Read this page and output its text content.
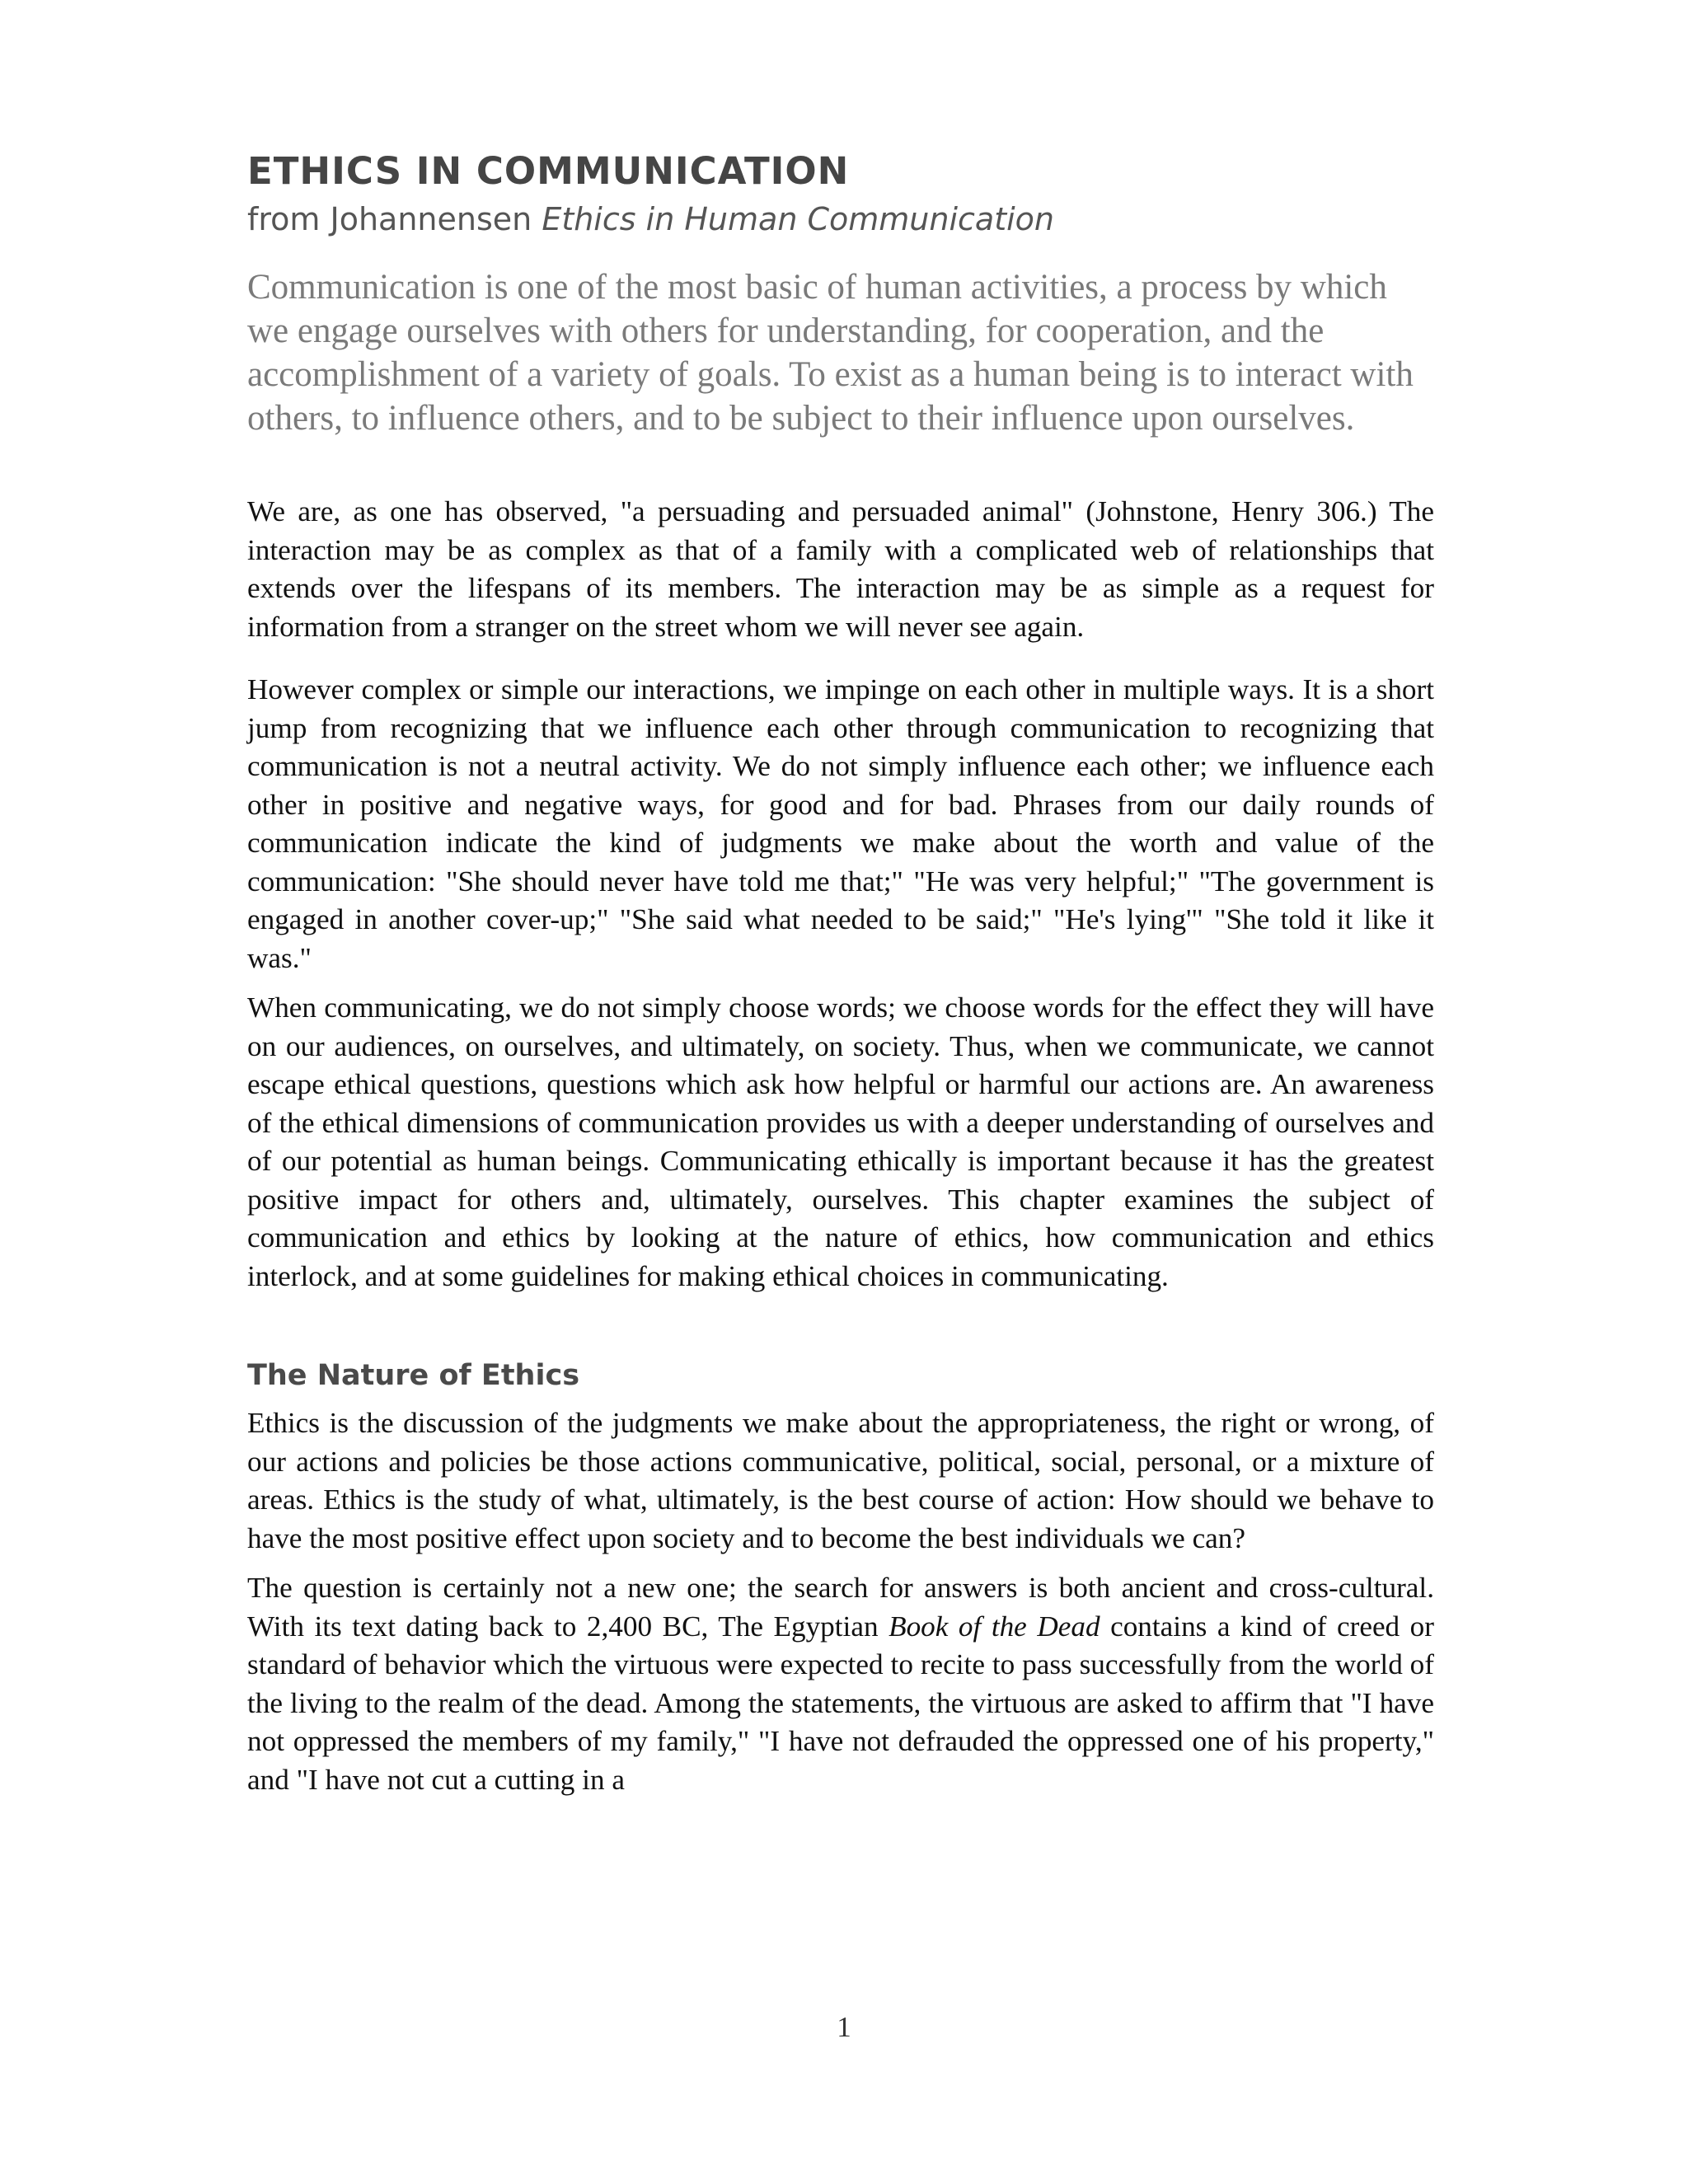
ETHICS IN COMMUNICATION

from Johannensen Ethics in Human Communication

Communication is one of the most basic of human activities, a process by which we engage ourselves with others for understanding, for cooperation, and the accomplishment of a variety of goals. To exist as a human being is to interact with others, to influence others, and to be subject to their influence upon ourselves.

We are, as one has observed, "a persuading and persuaded animal" (Johnstone, Henry 306.) The interaction may be as complex as that of a family with a complicated web of relationships that extends over the lifespans of its members. The interaction may be as simple as a request for information from a stranger on the street whom we will never see again.

However complex or simple our interactions, we impinge on each other in multiple ways. It is a short jump from recognizing that we influence each other through communication to recognizing that communication is not a neutral activity. We do not simply influence each other; we influence each other in positive and negative ways, for good and for bad. Phrases from our daily rounds of communication indicate the kind of judgments we make about the worth and value of the communication: "She should never have told me that;" "He was very helpful;" "The government is engaged in another cover-up;" "She said what needed to be said;" "He's lying'" "She told it like it was."

When communicating, we do not simply choose words; we choose words for the effect they will have on our audiences, on ourselves, and ultimately, on society. Thus, when we communicate, we cannot escape ethical questions, questions which ask how helpful or harmful our actions are. An awareness of the ethical dimensions of communication provides us with a deeper understanding of ourselves and of our potential as human beings. Communicating ethically is important because it has the greatest positive impact for others and, ultimately, ourselves. This chapter examines the subject of communication and ethics by looking at the nature of ethics, how communication and ethics interlock, and at some guidelines for making ethical choices in communicating.

The Nature of Ethics

Ethics is the discussion of the judgments we make about the appropriateness, the right or wrong, of our actions and policies be those actions communicative, political, social, personal, or a mixture of areas. Ethics is the study of what, ultimately, is the best course of action: How should we behave to have the most positive effect upon society and to become the best individuals we can?

The question is certainly not a new one; the search for answers is both ancient and cross-cultural. With its text dating back to 2,400 BC, The Egyptian Book of the Dead contains a kind of creed or standard of behavior which the virtuous were expected to recite to pass successfully from the world of the living to the realm of the dead. Among the statements, the virtuous are asked to affirm that "I have not oppressed the members of my family," "I have not defrauded the oppressed one of his property," and "I have not cut a cutting in a

1
